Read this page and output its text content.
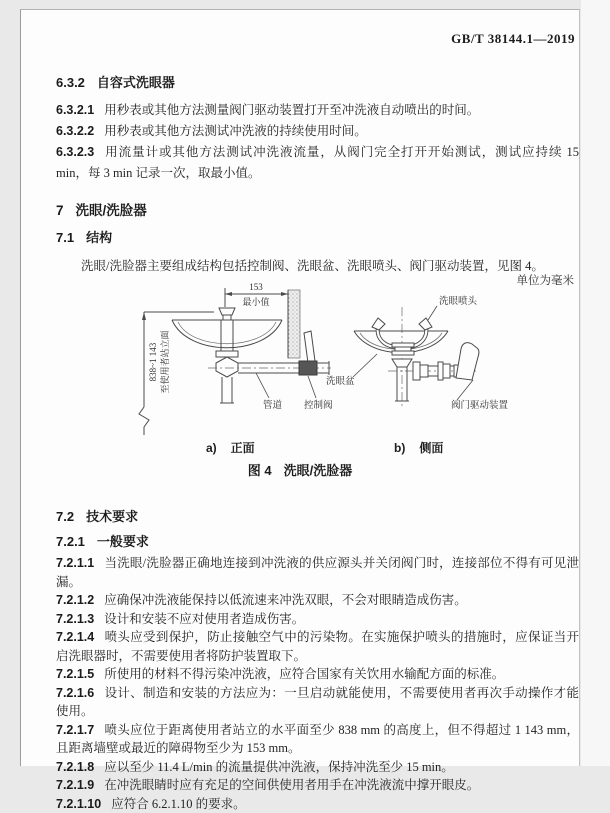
GB/T 38144.1—2019
6.3.2 自容式洗眼器

6.3.2.1 用秒表或其他方法测量阀门驱动装置打开至冲洗液自动喷出的时间。

6.3.2.2 用秒表或其他方法测试冲洗液的持续使用时间。

6.3.2.3 用流量计或其他方法测试冲洗液流量，从阀门完全打开开始测试，测试应持续 15 min，每 3 min 记录一次，取最小值。

7 洗眼/洗脸器
7.1 结构

洗眼/洗脸器主要组成结构包括控制阀、洗眼盆、洗眼喷头、阀门驱动装置，见图 4。

单位为毫米
153
最小值
838~1 143 至使用者站立面
管道 控制阀
洗眼喷头
洗眼盆
阀门驱动装置
a) 正面	b) 侧面
图 4 洗眼/洗脸器
7.2 技术要求
7.2.1 一般要求

7.2.1.1 当洗眼/洗脸器正确地连接到冲洗液的供应源头并关闭阀门时，连接部位不得有可见泄漏。

7.2.1.2 应确保冲洗液能保持以低流速来冲洗双眼，不会对眼睛造成伤害。

7.2.1.3 设计和安装不应对使用者造成伤害。

7.2.1.4 喷头应受到保护，防止接触空气中的污染物。在实施保护喷头的措施时，应保证当开启洗眼器时，不需要使用者将防护装置取下。

7.2.1.5 所使用的材料不得污染冲洗液，应符合国家有关饮用水输配方面的标准。

7.2.1.6 设计、制造和安装的方法应为：一旦启动就能使用，不需要使用者再次手动操作才能使用。

7.2.1.7 喷头应位于距离使用者站立的水平面至少 838 mm 的高度上，但不得超过 1 143 mm，且距离墙壁或最近的障碍物至少为 153 mm。

7.2.1.8 应以至少 11.4 L/min 的流量提供冲洗液，保持冲洗至少 15 min。

7.2.1.9 在冲洗眼睛时应有充足的空间供使用者用手在冲洗液流中撑开眼皮。

7.2.1.10 应符合 6.2.1.10 的要求。
